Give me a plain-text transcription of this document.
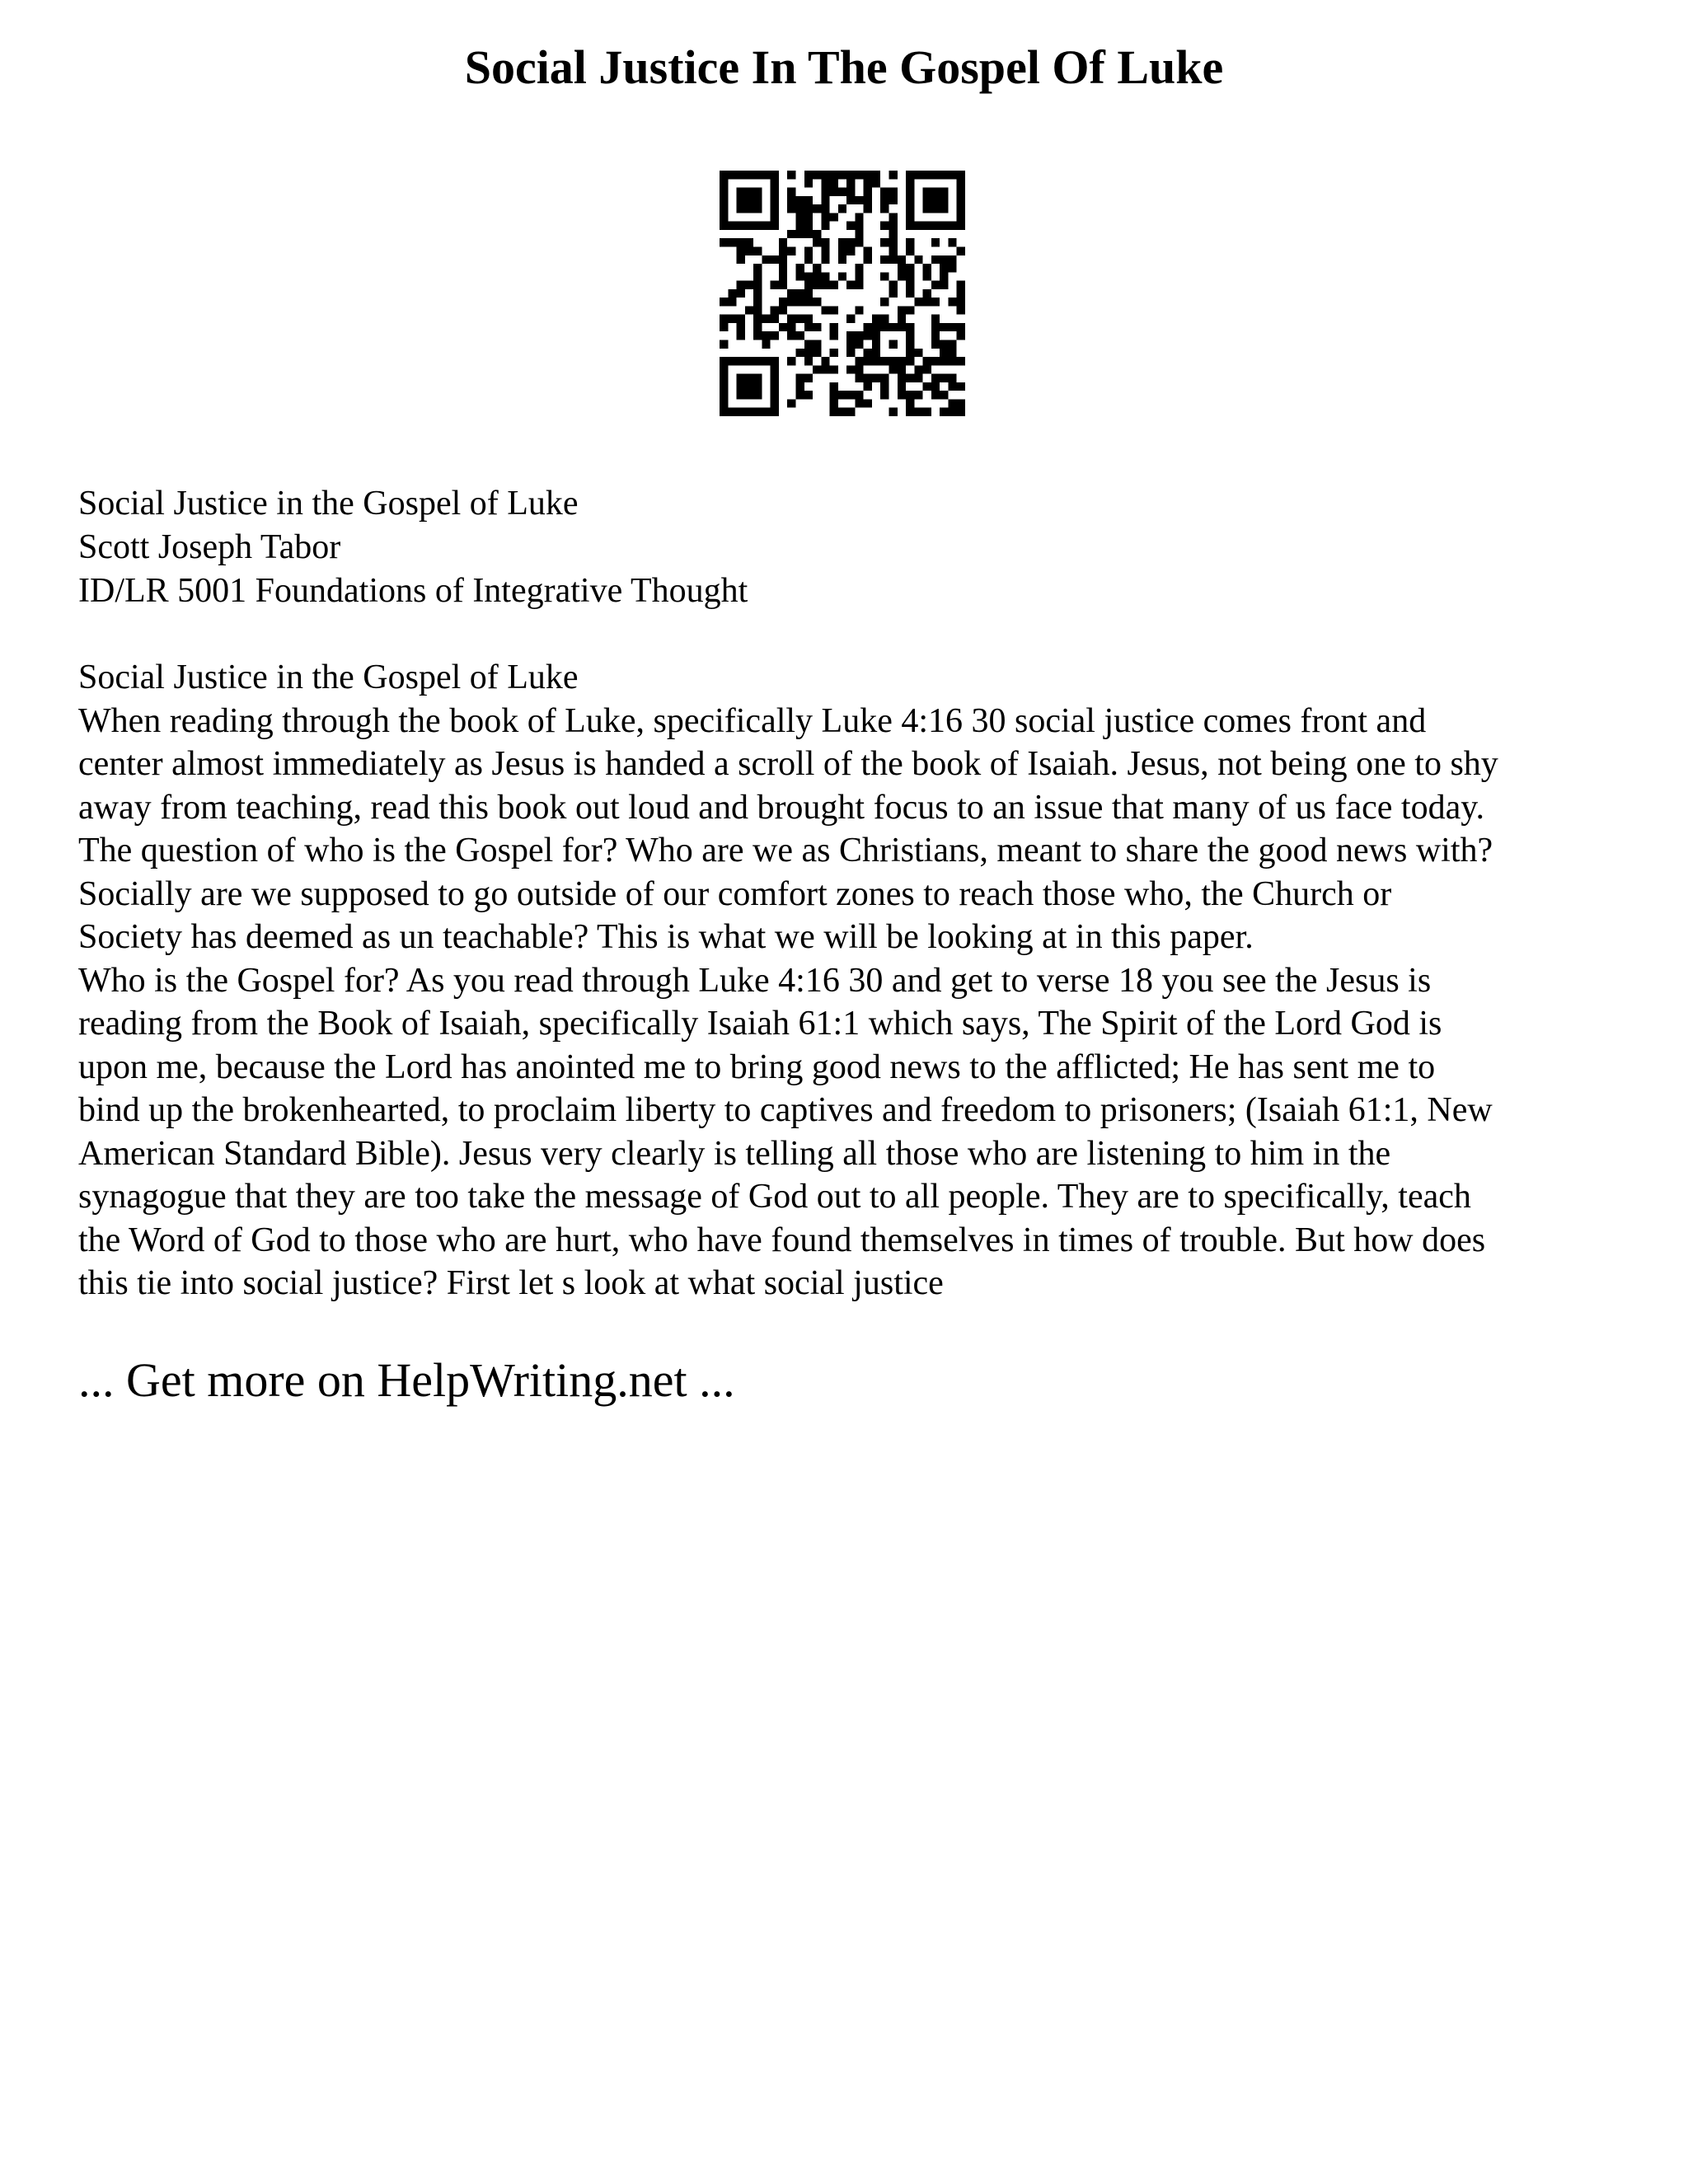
Social Justice In The Gospel Of Luke
Social Justice in the Gospel of Luke
Scott Joseph Tabor
ID/LR 5001 Foundations of Integrative Thought
Social Justice in the Gospel of Luke
When reading through the book of Luke, specifically Luke 4:16 30 social justice comes front and
center almost immediately as Jesus is handed a scroll of the book of Isaiah. Jesus, not being one to shy
away from teaching, read this book out loud and brought focus to an issue that many of us face today.
The question of who is the Gospel for? Who are we as Christians, meant to share the good news with?
Socially are we supposed to go outside of our comfort zones to reach those who, the Church or
Society has deemed as un teachable? This is what we will be looking at in this paper.
Who is the Gospel for? As you read through Luke 4:16 30 and get to verse 18 you see the Jesus is
reading from the Book of Isaiah, specifically Isaiah 61:1 which says, The Spirit of the Lord God is
upon me, because the Lord has anointed me to bring good news to the afflicted; He has sent me to
bind up the brokenhearted, to proclaim liberty to captives and freedom to prisoners; (Isaiah 61:1, New
American Standard Bible). Jesus very clearly is telling all those who are listening to him in the
synagogue that they are too take the message of God out to all people. They are to specifically, teach
the Word of God to those who are hurt, who have found themselves in times of trouble. But how does
this tie into social justice? First let s look at what social justice
... Get more on HelpWriting.net ...
